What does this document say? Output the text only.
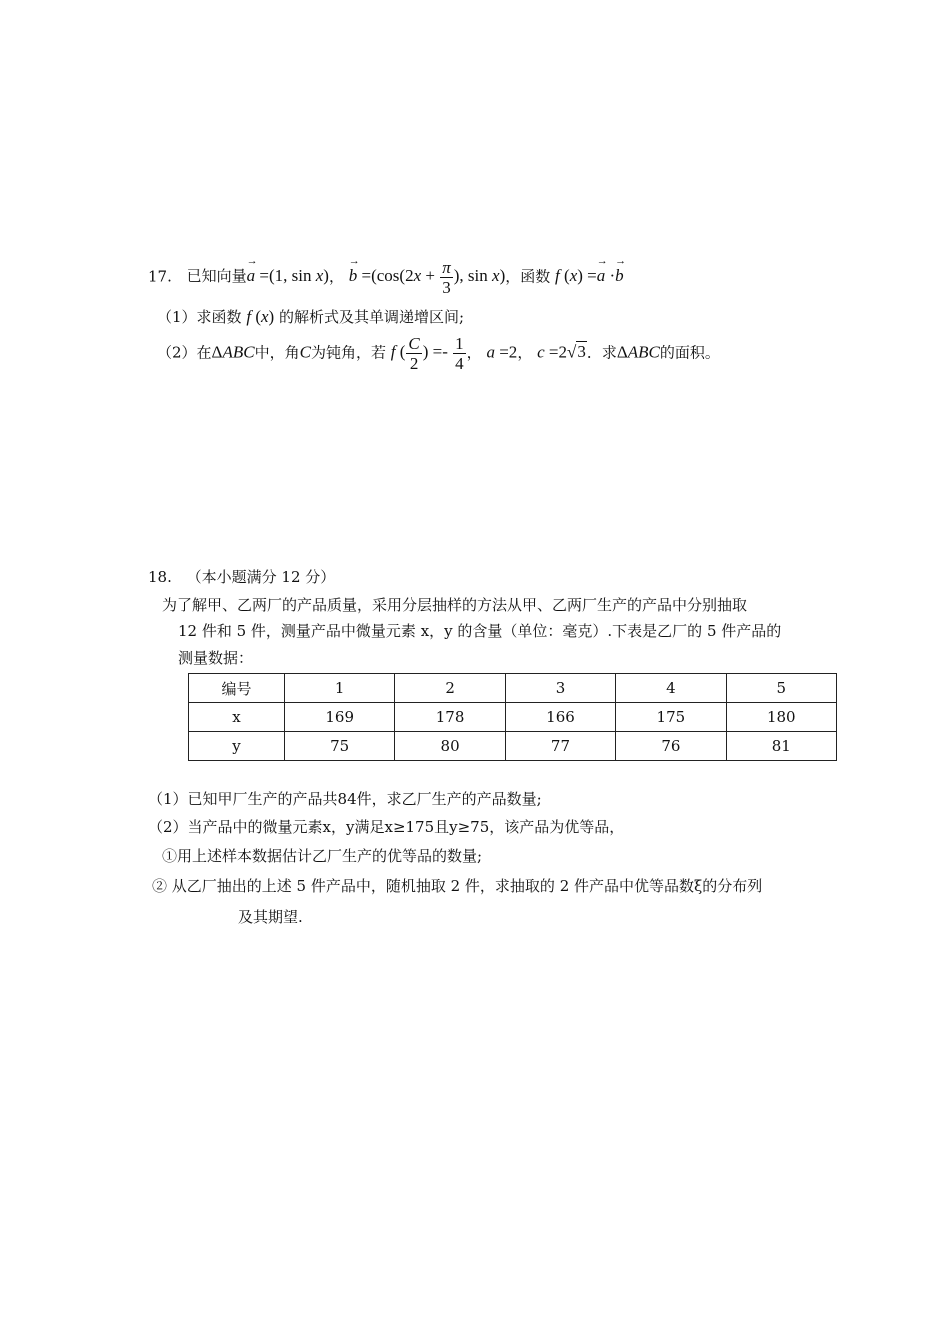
17. 已知向量→ a =(1, sin x)， → $b =(\cos(2x + \frac{\pi}{3}$ ), sin x)，函数 f (x) =→ a ·→ b
（1）求函数 f (x) 的解析式及其单调递增区间;
（2）在ΔABC中，角C为钝角，若 f ( $\frac{C}{2}$ ) =- $\frac{1}{4}$ ， a =2， c =2√3．求ΔABC的面积。
18. （本小题满分 12 分）
为了解甲、乙两厂的产品质量，采用分层抽样的方法从甲、乙两厂生产的产品中分别抽取
12 件和 5 件，测量产品中微量元素 x，y 的含量（单位：毫克）.下表是乙厂的 5 件产品的
测量数据：
编号	1	2	3	4	5
x	169	178	166	175	180
y	75	80	77	76	81
（1）已知甲厂生产的产品共84件，求乙厂生产的产品数量;
（2）当产品中的微量元素x，y满足x≥175且y≥75，该产品为优等品，
①用上述样本数据估计乙厂生产的优等品的数量;
② 从乙厂抽出的上述 5 件产品中，随机抽取 2 件，求抽取的 2 件产品中优等品数ξ的分布列
及其期望.
